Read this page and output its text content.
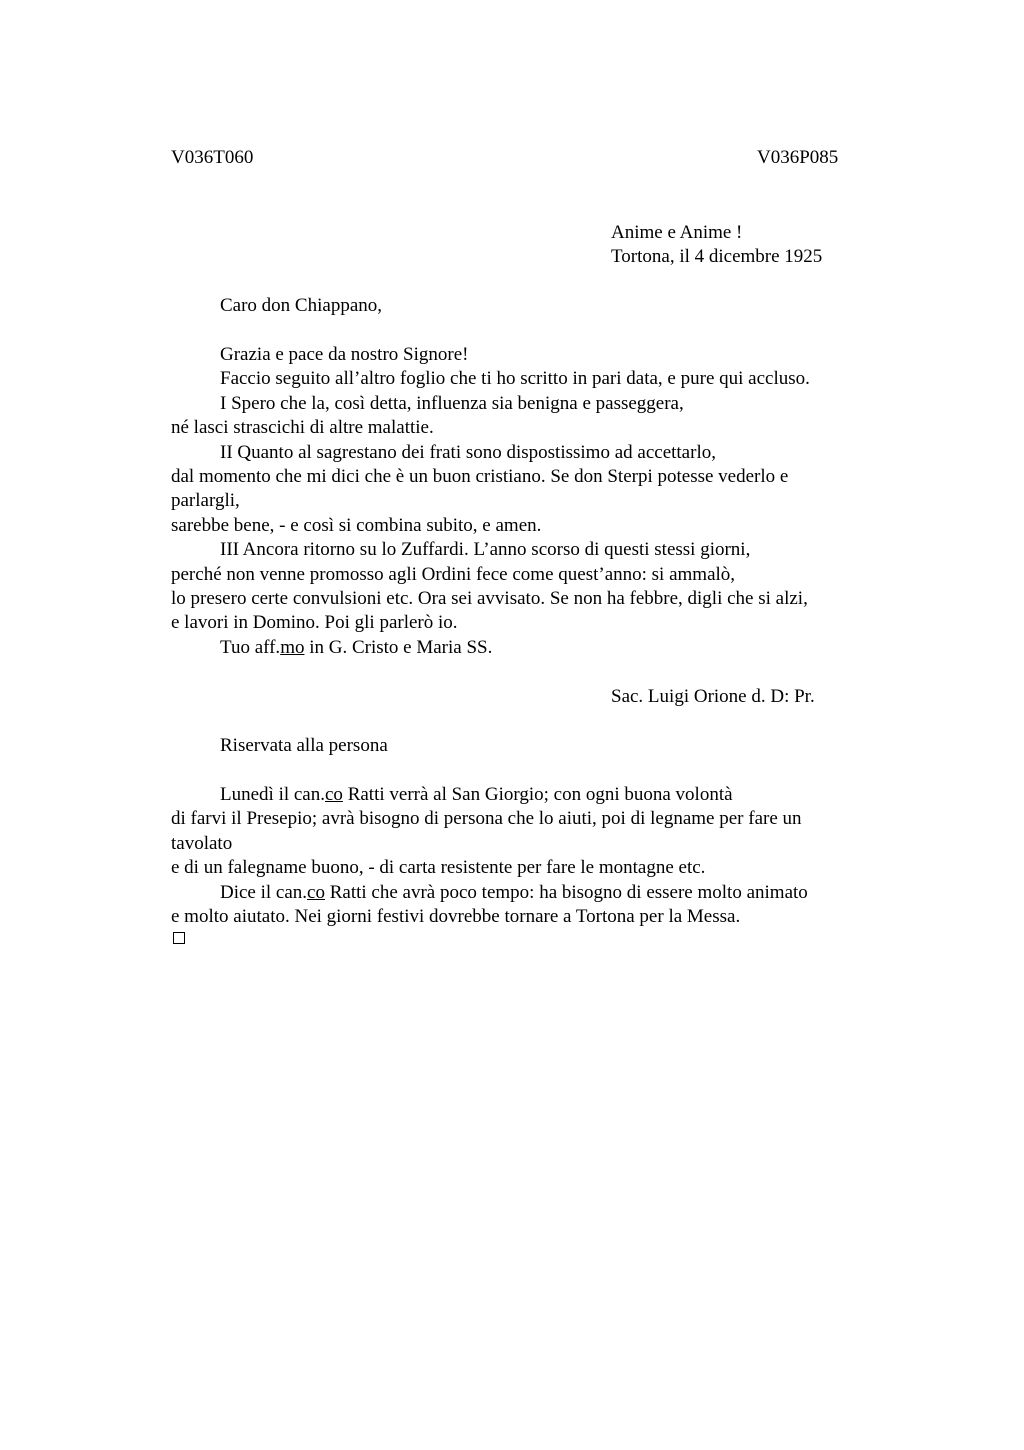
V036T060	V036P085
Anime e Anime !
Tortona, il 4 dicembre 1925
Caro don Chiappano,
Grazia e pace da nostro Signore!
Faccio seguito all’altro foglio che ti ho scritto in pari data, e pure qui accluso.
I Spero che la, così detta, influenza sia benigna e passeggera,
né lasci strascichi di altre malattie.
II Quanto al sagrestano dei frati sono dispostissimo ad accettarlo,
dal momento che mi dici che è un buon cristiano. Se don Sterpi potesse vederlo e
parlargli,
sarebbe bene, - e così si combina subito, e amen.
III Ancora ritorno su lo Zuffardi. L’anno scorso di questi stessi giorni,
perché non venne promosso agli Ordini fece come quest’anno: si ammalò,
lo presero certe convulsioni etc. Ora sei avvisato. Se non ha febbre, digli che si alzi,
e lavori in Domino. Poi gli parlerò io.
Tuo aff.mo in G. Cristo e Maria SS.
Sac. Luigi Orione d. D: Pr.
Riservata alla persona
Lunedì il can.co Ratti verrà al San Giorgio; con ogni buona volontà
di farvi il Presepio; avrà bisogno di persona che lo aiuti, poi di legname per fare un
tavolato
e di un falegname buono, - di carta resistente per fare le montagne etc.
Dice il can.co Ratti che avrà poco tempo: ha bisogno di essere molto animato
e molto aiutato. Nei giorni festivi dovrebbe tornare a Tortona per la Messa.
